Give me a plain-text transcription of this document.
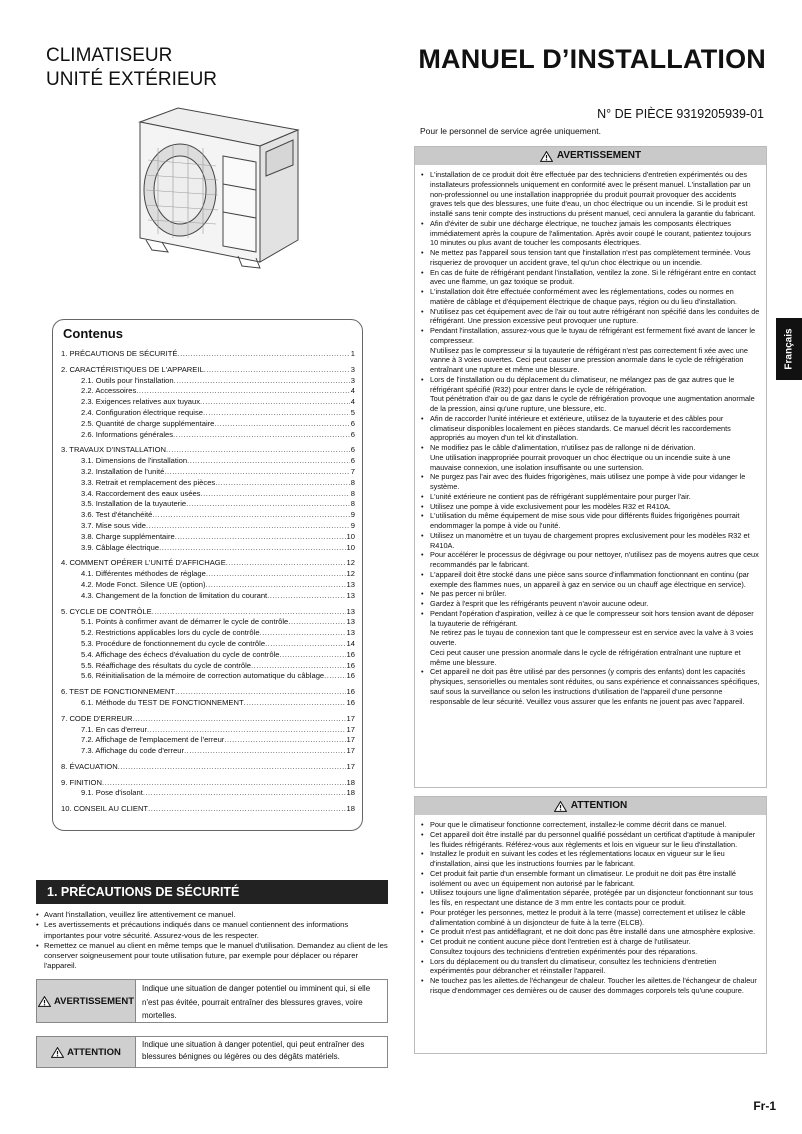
CLIMATISEUR
UNITÉ EXTÉRIEUR
MANUEL D’INSTALLATION
N° DE PIÈCE 9319205939-01
Pour le personnel de service agrée uniquement.
Français
Contenus
1. PRÉCAUTIONS DE SÉCURITÉ .....	1
2. CARACTÉRISTIQUES DE L'APPAREIL .....	3
2.1. Outils pour l'installation .....	3
2.2. Accessoires .....	4
2.3. Exigences relatives aux tuyaux .....	4
2.4. Configuration électrique requise .....	5
2.5. Quantité de charge supplémentaire .....	6
2.6. Informations générales .....	6
3. TRAVAUX D'INSTALLATION .....	6
3.1. Dimensions de l'installation .....	6
3.2. Installation de l'unité .....	7
3.3. Retrait et remplacement des pièces .....	8
3.4. Raccordement des eaux usées .....	8
3.5. Installation de la tuyauterie .....	8
3.6. Test d'étanchéité .....	9
3.7. Mise sous vide .....	9
3.8. Charge supplémentaire .....	10
3.9. Câblage électrique .....	10
4. COMMENT OPÉRER L'UNITÉ D'AFFICHAGE .....	12
4.1. Différentes méthodes de réglage .....	12
4.2. Mode Fonct. Silence UE (option) .....	13
4.3. Changement de la fonction de limitation du courant .....	13
5. CYCLE DE CONTRÔLE .....	13
5.1. Points à confirmer avant de démarrer le cycle de contrôle .....	13
5.2. Restrictions applicables lors du cycle de contrôle .....	13
5.3. Procédure de fonctionnement du cycle de contrôle .....	14
5.4. Affichage des échecs d'évaluation du cycle de contrôle .....	16
5.5. Réaffichage des résultats du cycle de contrôle .....	16
5.6. Réinitialisation de la mémoire de correction automatique du câblage .....	16
6. TEST DE FONCTIONNEMENT .....	16
6.1. Méthode du TEST DE FONCTIONNEMENT .....	16
7. CODE D'ERREUR .....	17
7.1. En cas d'erreur .....	17
7.2. Affichage de l'emplacement de l'erreur .....	17
7.3. Affichage du code d'erreur .....	17
8. ÉVACUATION .....	17
9. FINITION .....	18
9.1. Pose d'isolant .....	18
10. CONSEIL AU CLIENT .....	18
1. PRÉCAUTIONS DE SÉCURITÉ

• Avant l'installation, veuillez lire attentivement ce manuel.

• Les avertissements et précautions indiqués dans ce manuel contiennent des informations importantes pour votre sécurité. Assurez-vous de les respecter.

• Remettez ce manuel au client en même temps que le manuel d'utilisation. Demandez au client de les conserver soigneusement pour toute utilisation future, par exemple pour déplacer ou réparer l'appareil.

AVERTISSEMENT
Indique une situation de danger potentiel ou imminent qui, si elle n'est pas évitée, pourrait entraîner des blessures graves, voire mortelles.
ATTENTION
Indique une situation à danger potentiel, qui peut entraîner des blessures bénignes ou légères ou des dégâts matériels.
AVERTISSEMENT

• L'installation de ce produit doit être effectuée par des techniciens d'entretien expérimentés ou des installateurs professionnels uniquement en conformité avec le présent manuel. L'installation par un non-professionnel ou une installation inappropriée du produit pourrait provoquer des accidents graves tels que des blessures, une fuite d'eau, un choc électrique ou un incendie. Si le produit est installé sans tenir compte des instructions du présent manuel, ceci annulera la garantie du fabricant.

• Afin d'éviter de subir une décharge électrique, ne touchez jamais les composants électriques immédiatement après la coupure de l'alimentation. Après avoir coupé le courant, patientez toujours 10 minutes ou plus avant de toucher les composants électriques.

• Ne mettez pas l'appareil sous tension tant que l'installation n'est pas complètement terminée. Vous risqueriez de provoquer un accident grave, tel qu'un choc électrique ou un incendie.

• En cas de fuite de réfrigérant pendant l'installation, ventilez la zone. Si le réfrigérant entre en contact avec une flamme, un gaz toxique se produit.

• L'installation doit être effectuée conformément avec les réglementations, codes ou normes en matière de câblage et d'équipement électrique de chaque pays, région ou du lieu d'installation.

• N'utilisez pas cet équipement avec de l'air ou tout autre réfrigérant non spécifié dans les conduites de réfrigérant. Une pression excessive peut provoquer une rupture.

• Pendant l'installation, assurez-vous que le tuyau de réfrigérant est fermement fixé avant de lancer le compresseur.
N'utilisez pas le compresseur si la tuyauterie de réfrigérant n'est pas correctement fi xée avec une vanne à 3 voies ouvertes. Ceci peut causer une pression anormale dans le cycle de réfrigération entraînant une rupture et même une blessure.

• Lors de l'installation ou du déplacement du climatiseur, ne mélangez pas de gaz autres que le réfrigérant spécifié (R32) pour entrer dans le cycle de réfrigération.
Tout pénétration d'air ou de gaz dans le cycle de réfrigération provoque une augmentation anormale de la pression, ainsi qu'une rupture, une blessure, etc.

• Afin de raccorder l'unité intérieure et extérieure, utilisez de la tuyauterie et des câbles pour climatiseur disponibles localement en pièces standards. Ce manuel décrit les raccordements appropriés au moyen d'un tel kit d'installation.

• Ne modifiez pas le câble d'alimentation, n'utilisez pas de rallonge ni de dérivation.
Une utilisation inappropriée pourrait provoquer un choc électrique ou un incendie suite à une mauvaise connexion, une isolation insuffisante ou une surtension.

• Ne purgez pas l'air avec des fluides frigorigènes, mais utilisez une pompe à vide pour vidanger le système.

• L'unité extérieure ne contient pas de réfrigérant supplémentaire pour purger l'air.

• Utilisez une pompe à vide exclusivement pour les modèles R32 et R410A.

• L'utilisation du même équipement de mise sous vide pour différents fluides frigorigènes pourrait endommager la pompe à vide ou l'unité.

• Utilisez un manomètre et un tuyau de chargement propres exclusivement pour les modèles R32 et R410A.

• Pour accélérer le processus de dégivrage ou pour nettoyer, n'utilisez pas de moyens autres que ceux recommandés par le fabricant.

• L'appareil doit être stocké dans une pièce sans source d'inflammation fonctionnant en continu (par exemple des flammes nues, un appareil à gaz en service ou un chauff age électrique en service).

• Ne pas percer ni brûler.

• Gardez à l'esprit que les réfrigérants peuvent n'avoir aucune odeur.

• Pendant l'opération d'aspiration, veillez à ce que le compresseur soit hors tension avant de déposer la tuyauterie de réfrigérant.
Ne retirez pas le tuyau de connexion tant que le compresseur est en service avec la valve à 3 voies ouverte.
Ceci peut causer une pression anormale dans le cycle de réfrigération entraînant une rupture et même une blessure.

• Cet appareil ne doit pas être utilisé par des personnes (y compris des enfants) dont les capacités physiques, sensorielles ou mentales sont réduites, ou sans expérience et connaissances spécifiques, sauf sous la surveillance ou selon les instructions d'utilisation de l'appareil d'une personne responsable de leur sécurité. Veuillez vous assurer que les enfants ne jouent pas avec l'appareil.

ATTENTION

• Pour que le climatiseur fonctionne correctement, installez-le comme décrit dans ce manuel.

• Cet appareil doit être installé par du personnel qualifié possédant un certificat d'aptitude à manipuler les fluides réfrigérants. Référez-vous aux règlements et lois en vigueur sur le lieu d'installation.

• Installez le produit en suivant les codes et les réglementations locaux en vigueur sur le lieu d'installation, ainsi que les instructions fournies par le fabricant.

• Cet produit fait partie d'un ensemble formant un climatiseur. Le produit ne doit pas être installé isolément ou avec un équipement non autorisé par le fabricant.

• Utilisez toujours une ligne d'alimentation séparée, protégée par un disjoncteur fonctionnant sur tous les fils, en respectant une distance de 3 mm entre les contacts pour ce produit.

• Pour protéger les personnes, mettez le produit à la terre (masse) correctement et utilisez le câble d'alimentation combiné à un disjoncteur de fuite à la terre (ELCB).

• Ce produit n'est pas antidéflagrant, et ne doit donc pas être installé dans une atmosphère explosive.

• Cet produit ne contient aucune pièce dont l'entretien est à charge de l'utilisateur.
Consultez toujours des techniciens d'entretien expérimentés pour des réparations.

• Lors du déplacement ou du transfert du climatiseur, consultez les techniciens d'entretien expérimentés pour débrancher et réinstaller l'appareil.

• Ne touchez pas les ailettes.de l'échangeur de chaleur. Toucher les ailettes.de l'échangeur de chaleur risque d'endommager ces dernières ou de causer des dommages corporels tels qu'une coupure.

Fr-1
